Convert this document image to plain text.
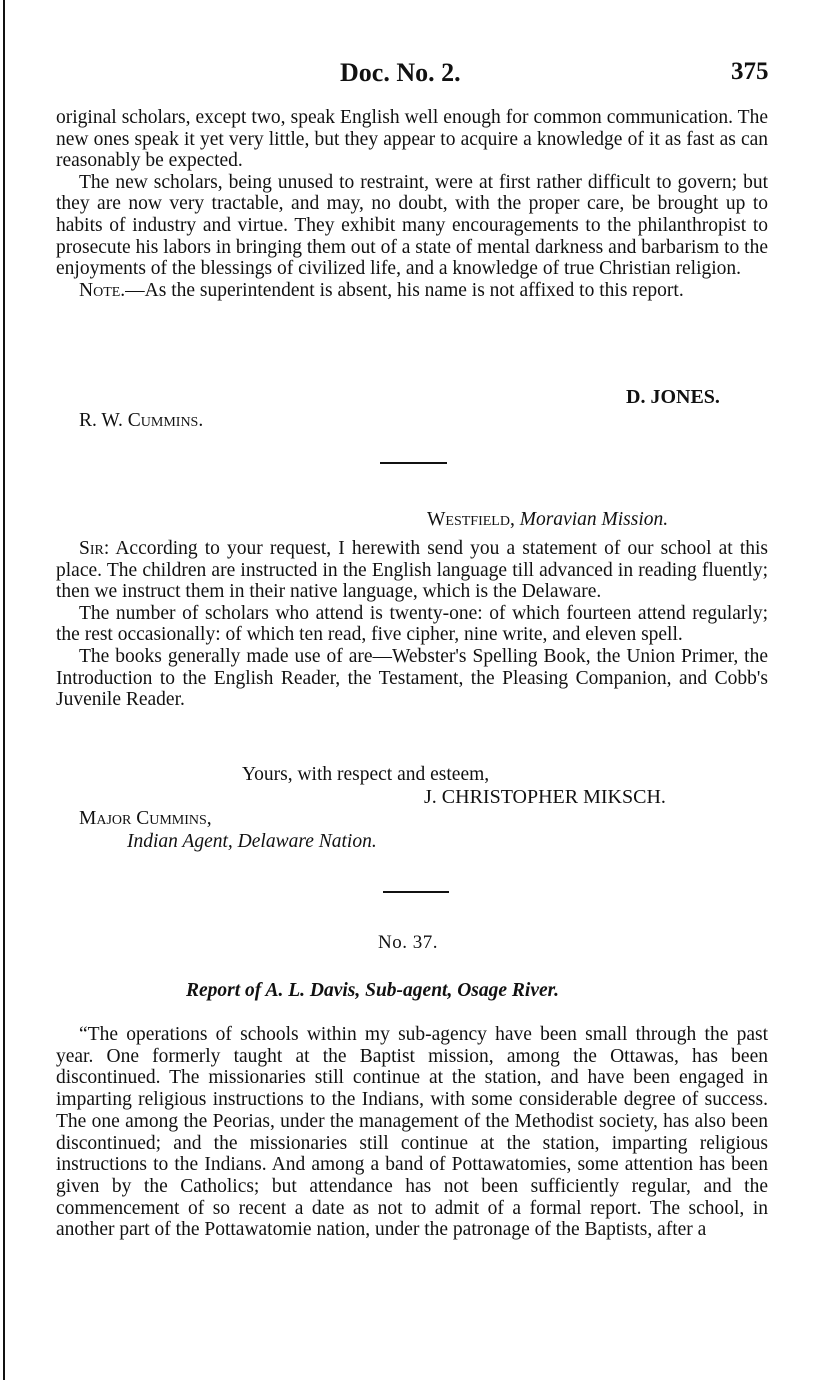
Doc. No. 2.	375

original scholars, except two, speak English well enough for common communication. The new ones speak it yet very little, but they appear to acquire a knowledge of it as fast as can reasonably be expected.

The new scholars, being unused to restraint, were at first rather difficult to govern; but they are now very tractable, and may, no doubt, with the proper care, be brought up to habits of industry and virtue. They exhibit many encouragements to the philanthropist to prosecute his labors in bringing them out of a state of mental darkness and barbarism to the enjoyments of the blessings of civilized life, and a knowledge of true Christian religion.

Note.—As the superintendent is absent, his name is not affixed to this report.

D. JONES.
R. W. Cummins.
Westfield, Moravian Mission.

Sir: According to your request, I herewith send you a statement of our school at this place. The children are instructed in the English language till advanced in reading fluently; then we instruct them in their native language, which is the Delaware.

The number of scholars who attend is twenty-one: of which fourteen attend regularly; the rest occasionally: of which ten read, five cipher, nine write, and eleven spell.

The books generally made use of are—Webster's Spelling Book, the Union Primer, the Introduction to the English Reader, the Testament, the Pleasing Companion, and Cobb's Juvenile Reader.

Yours, with respect and esteem,
J. CHRISTOPHER MIKSCH.
Major Cummins,
Indian Agent, Delaware Nation.
No. 37.
Report of A. L. Davis, Sub-agent, Osage River.

“The operations of schools within my sub-agency have been small through the past year. One formerly taught at the Baptist mission, among the Ottawas, has been discontinued. The missionaries still continue at the station, and have been engaged in imparting religious instructions to the Indians, with some considerable degree of success. The one among the Peorias, under the management of the Methodist society, has also been discontinued; and the missionaries still continue at the station, imparting religious instructions to the Indians. And among a band of Pottawatomies, some attention has been given by the Catholics; but attendance has not been sufficiently regular, and the commencement of so recent a date as not to admit of a formal report. The school, in another part of the Pottawatomie nation, under the patronage of the Baptists, after a
